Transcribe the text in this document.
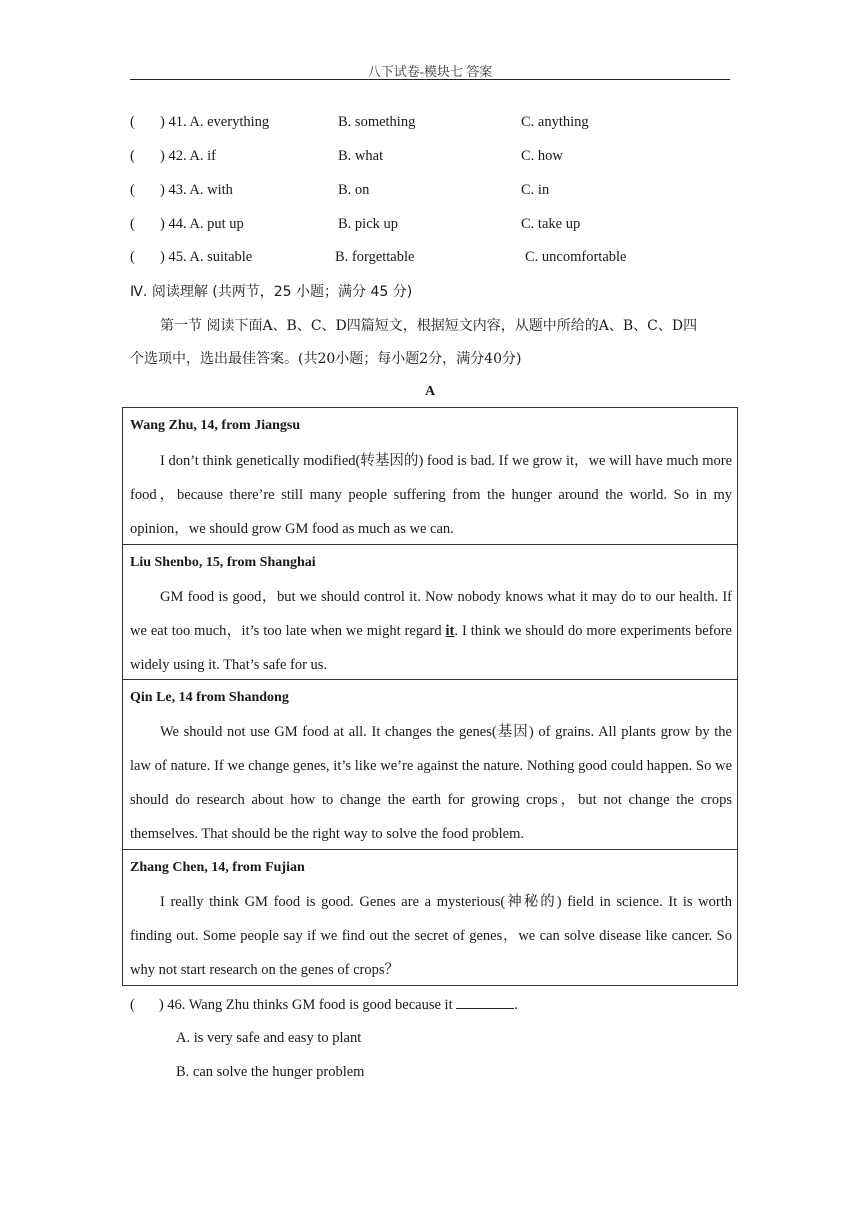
八下试卷-模块七 答案
( ) 41. A. everything	B. something	C. anything
( ) 42. A. if	B. what	C. how
( ) 43. A. with	B. on	C. in
( ) 44. A. put up	B. pick up	C. take up
( ) 45. A. suitable	B. forgettable	C. uncomfortable
Ⅳ. 阅读理解 (共两节，25 小题；满分 45 分)
第一节 阅读下面A、B、C、D四篇短文，根据短文内容，从题中所给的A、B、C、D四
个选项中，选出最佳答案。(共20小题；每小题2分，满分40分)
A
Wang Zhu, 14, from Jiangsu
I don’t think genetically modified(转基因的) food is bad. If we grow it，we will have much more food，because there’re still many people suffering from the hunger around the world. So in my opinion，we should grow GM food as much as we can.
Liu Shenbo, 15, from Shanghai
GM food is good，but we should control it. Now nobody knows what it may do to our health. If we eat too much，it’s too late when we might regard it. I think we should do more experiments before widely using it. That’s safe for us.
Qin Le, 14 from Shandong
We should not use GM food at all. It changes the genes(基因) of grains. All plants grow by the law of nature. If we change genes, it’s like we’re against the nature. Nothing good could happen. So we should do research about how to change the earth for growing crops，but not change the crops themselves. That should be the right way to solve the food problem.
Zhang Chen, 14, from Fujian
I really think GM food is good. Genes are a mysterious(神秘的) field in science. It is worth finding out. Some people say if we find out the secret of genes，we can solve disease like cancer. So why not start research on the genes of crops？
( ) 46. Wang Zhu thinks GM food is good because it	.
A. is very safe and easy to plant
B. can solve the hunger problem
